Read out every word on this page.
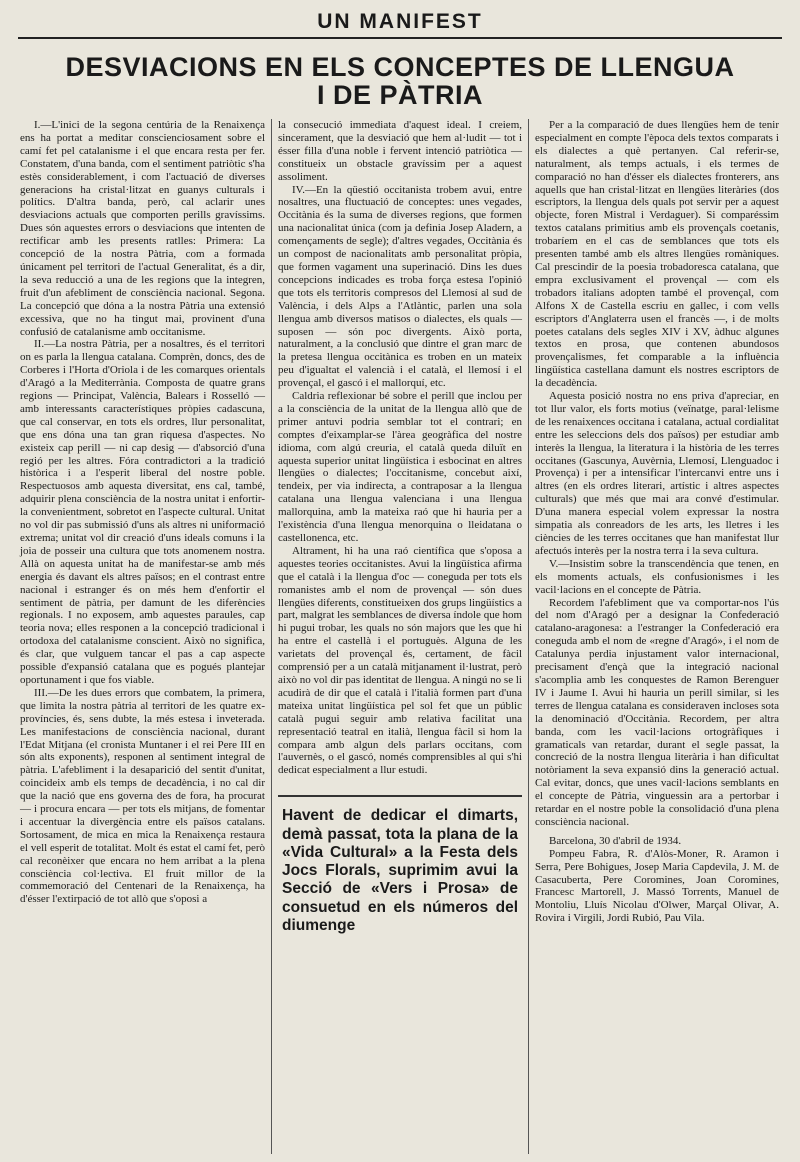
UN MANIFEST
DESVIACIONS EN ELS CONCEPTES DE LLENGUA
I DE PÀTRIA

I.—L'inici de la segona centúria de la Renaixença ens ha portat a meditar conscienciosament sobre el camí fet pel catalanisme i el que encara resta per fer. Constatem, d'una banda, com el sentiment patriòtic s'ha estès considerablement, i com l'actuació de diverses generacions ha cristal·litzat en guanys culturals i polítics. D'altra banda, però, cal aclarir unes desviacions actuals que comporten perills gravíssims. Dues són aquestes errors o desviacions que intenten de rectificar amb les presents ratlles: Primera: La concepció de la nostra Pàtria, com a formada únicament pel territori de l'actual Generalitat, és a dir, la seva reducció a una de les regions que la integren, fruit d'un afebliment de consciència nacional. Segona. La concepció que dóna a la nostra Pàtria una extensió excessiva, que no ha tingut mai, provinent d'una confusió de catalanisme amb occitanisme.

II.—La nostra Pàtria, per a nosaltres, és el territori on es parla la llengua catalana. Comprèn, doncs, des de Corberes i l'Horta d'Oriola i de les comarques orientals d'Aragó a la Mediterrània. Composta de quatre grans regions — Principat, València, Balears i Rosselló — amb interessants característiques pròpies cadascuna, que cal conservar, en tots els ordres, llur personalitat, que ens dóna una tan gran riquesa d'aspectes. No existeix cap perill — ni cap desig — d'absorció d'una regió per les altres. Fóra contradictori a la tradició històrica i a l'esperit liberal del nostre poble. Respectuosos amb aquesta diversitat, ens cal, també, adquirir plena consciència de la nostra unitat i enfortir-la convenientment, sobretot en l'aspecte cultural. Unitat no vol dir pas submissió d'uns als altres ni uniformació extrema; unitat vol dir creació d'uns ideals comuns i la joia de posseir una cultura que tots anomenem nostra. Allà on aquesta unitat ha de manifestar-se amb més energia és davant els altres països; en el contrast entre nacional i estranger és on més hem d'enfortir el sentiment de pàtria, per damunt de les diferències regionals. I no exposem, amb aquestes paraules, cap teoria nova; elles responen a la concepció tradicional i ortodoxa del catalanisme conscient. Això no significa, és clar, que vulguem tancar el pas a cap aspecte possible d'expansió catalana que es pogués plantejar oportunament i que fos viable.

III.—De les dues errors que combatem, la primera, que limita la nostra pàtria al territori de les quatre ex-províncies, és, sens dubte, la més estesa i inveterada. Les manifestacions de consciència nacional, durant l'Edat Mitjana (el cronista Muntaner i el rei Pere III en són alts exponents), responen al sentiment integral de pàtria. L'afebliment i la desaparició del sentit d'unitat, coincideix amb els temps de decadència, i no cal dir que la nació que ens governa des de fora, ha procurat — i procura encara — per tots els mitjans, de fomentar i accentuar la divergència entre els països catalans. Sortosament, de mica en mica la Renaixença restaura el vell esperit de totalitat. Molt és estat el camí fet, però cal reconèixer que encara no hem arribat a la plena consciència col·lectiva. El fruit millor de la commemoració del Centenari de la Renaixença, ha d'ésser l'extirpació de tot allò que s'oposi a

la consecució immediata d'aquest ideal. I creiem, sincerament, que la desviació que hem al·ludit — tot i ésser filla d'una noble i fervent intenció patriòtica — constitueix un obstacle gravíssim per a aquest assoliment.

IV.—En la qüestió occitanista trobem avui, entre nosaltres, una fluctuació de conceptes: unes vegades, Occitània és la suma de diverses regions, que formen una nacionalitat única (com ja definia Josep Aladern, a començaments de segle); d'altres vegades, Occitània és un compost de nacionalitats amb personalitat pròpia, que formen vagament una superinació. Dins les dues concepcions indicades es troba força estesa l'opinió que tots els territoris compresos del Llemosí al sud de València, i dels Alps a l'Atlàntic, parlen una sola llengua amb diversos matisos o dialectes, els quals — suposen — són poc divergents. Això porta, naturalment, a la conclusió que dintre el gran marc de la pretesa llengua occitànica es troben en un mateix peu d'igualtat el valencià i el català, el llemosí i el provençal, el gascó i el mallorquí, etc.

Caldria reflexionar bé sobre el perill que inclou per a la consciència de la unitat de la llengua allò que de primer antuvi podria semblar tot el contrari; en comptes d'eixamplar-se l'àrea geogràfica del nostre idioma, com algú creuria, el català queda diluït en aquesta superior unitat lingüística i esbocinat en altres llengües o dialectes; l'occitanisme, concebut així, tendeix, per via indirecta, a contraposar a la llengua catalana una llengua valenciana i una llengua mallorquina, amb la mateixa raó que hi hauria per a l'existència d'una llengua menorquina o lleidatana o castellonenca, etc.

Altrament, hi ha una raó científica que s'oposa a aquestes teories occitanistes. Avui la lingüística afirma que el català i la llengua d'oc — coneguda per tots els romanistes amb el nom de provençal — són dues llengües diferents, constitueixen dos grups lingüístics a part, malgrat les semblances de diversa índole que hom hi pugui trobar, les quals no són majors que les que hi ha entre el castellà i el portuguès. Alguna de les varietats del provençal és, certament, de fàcil comprensió per a un català mitjanament il·lustrat, però això no vol dir pas identitat de llengua. A ningú no se li acudirà de dir que el català i l'italià formen part d'una mateixa unitat lingüística pel sol fet que un públic català pugui seguir amb relativa facilitat una representació teatral en italià, llengua fàcil si hom la compara amb algun dels parlars occitans, com l'auvernès, o el gascó, només comprensibles al qui s'hi dedicat especialment a llur estudi.

Havent de dedicar el dimarts, demà passat, tota la plana de la «Vida Cultural» a la Festa dels Jocs Florals, suprimim avui la Secció de «Vers i Prosa» de consuetud en els números del diumenge

Per a la comparació de dues llengües hem de tenir especialment en compte l'època dels textos comparats i els dialectes a què pertanyen. Cal referir-se, naturalment, als temps actuals, i els termes de comparació no han d'ésser els dialectes fronterers, ans aquells que han cristal·litzat en llengües literàries (dos escriptors, la llengua dels quals pot servir per a aquest objecte, foren Mistral i Verdaguer). Si comparéssim textos catalans primitius amb els provençals coetanis, trobaríem en el cas de semblances que tots els presenten també amb els altres llengües romàniques. Cal prescindir de la poesia trobadoresca catalana, que empra exclusivament el provençal — com els trobadors italians adopten també el provençal, com Alfons X de Castella escriu en gallec, i com vells escriptors d'Anglaterra usen el francès —, i de molts poetes catalans dels segles XIV i XV, àdhuc algunes textos en prosa, que contenen abundosos provençalismes, fet comparable a la influència lingüística castellana damunt els nostres escriptors de la decadència.

Aquesta posició nostra no ens priva d'apreciar, en tot llur valor, els forts motius (veïnatge, paral·lelisme de les renaixences occitana i catalana, actual cordialitat entre les seleccions dels dos països) per estudiar amb interès la llengua, la literatura i la història de les terres occitanes (Gascunya, Auvèrnia, Llemosí, Llenguadoc i Provença) i per a intensificar l'intercanvi entre uns i altres (en els ordres literari, artístic i altres aspectes culturals) que més que mai ara convé d'estimular. D'una manera especial volem expressar la nostra simpatia als conreadors de les arts, les lletres i les ciències de les terres occitanes que han manifestat llur afectuós interès per la nostra terra i la seva cultura.

V.—Insistim sobre la transcendència que tenen, en els moments actuals, els confusionismes i les vacil·lacions en el concepte de Pàtria.

Recordem l'afebliment que va comportar-nos l'ús del nom d'Aragó per a designar la Confederació catalano-aragonesa: a l'estranger la Confederació era coneguda amb el nom de «regne d'Aragó», i el nom de Catalunya perdia injustament valor internacional, precisament d'ençà que la integració nacional s'acomplia amb les conquestes de Ramon Berenguer IV i Jaume I. Avui hi hauria un perill similar, si les terres de llengua catalana es consideraven incloses sota la denominació d'Occitània. Recordem, per altra banda, com les vacil·lacions ortogràfiques i gramaticals van retardar, durant el segle passat, la concreció de la nostra llengua literària i han dificultat notòriament la seva expansió dins la generació actual. Cal evitar, doncs, que unes vacil·lacions semblants en el concepte de Pàtria, vinguessin ara a pertorbar i retardar en el nostre poble la consolidació d'una plena consciència nacional.

Barcelona, 30 d'abril de 1934.

Pompeu Fabra, R. d'Alòs-Moner, R. Aramon i Serra, Pere Bohigues, Josep Maria Capdevila, J. M. de Casacuberta, Pere Coromines, Joan Coromines, Francesc Martorell, J. Massó Torrents, Manuel de Montoliu, Lluís Nicolau d'Olwer, Marçal Olivar, A. Rovira i Virgili, Jordi Rubió, Pau Vila.
